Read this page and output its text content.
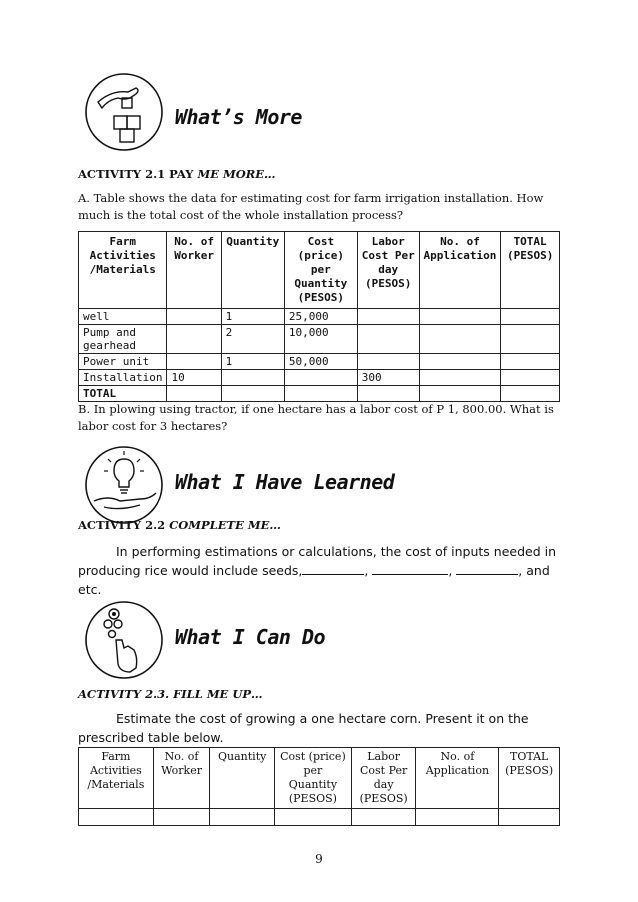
What’s More
ACTIVITY 2.1 PAY ME MORE…
A. Table shows the data for estimating cost for farm irrigation installation. How much is the total cost of the whole installation process?
Farm Activities /Materials	No. of Worker	Quantity	Cost (price) per Quantity (PESOS)	Labor Cost Per day (PESOS)	No. of Application	TOTAL (PESOS)
well		1	25,000			
Pump and gearhead		2	10,000			
Power unit		1	50,000			
Installation	10			300		
TOTAL						
B. In plowing using tractor, if one hectare has a labor cost of P 1, 800.00. What is labor cost for 3 hectares?
What I Have Learned
ACTIVITY 2.2 COMPLETE ME…
In performing estimations or calculations, the cost of inputs needed in producing rice would include seeds,	,	,	, and etc.
What I Can Do
ACTIVITY 2.3. FILL ME UP…
Estimate the cost of growing a one hectare corn. Present it on the prescribed table below.
Farm Activities /Materials	No. of Worker	Quantity	Cost (price) per Quantity (PESOS)	Labor Cost Per day (PESOS)	No. of Application	TOTAL (PESOS)

9
